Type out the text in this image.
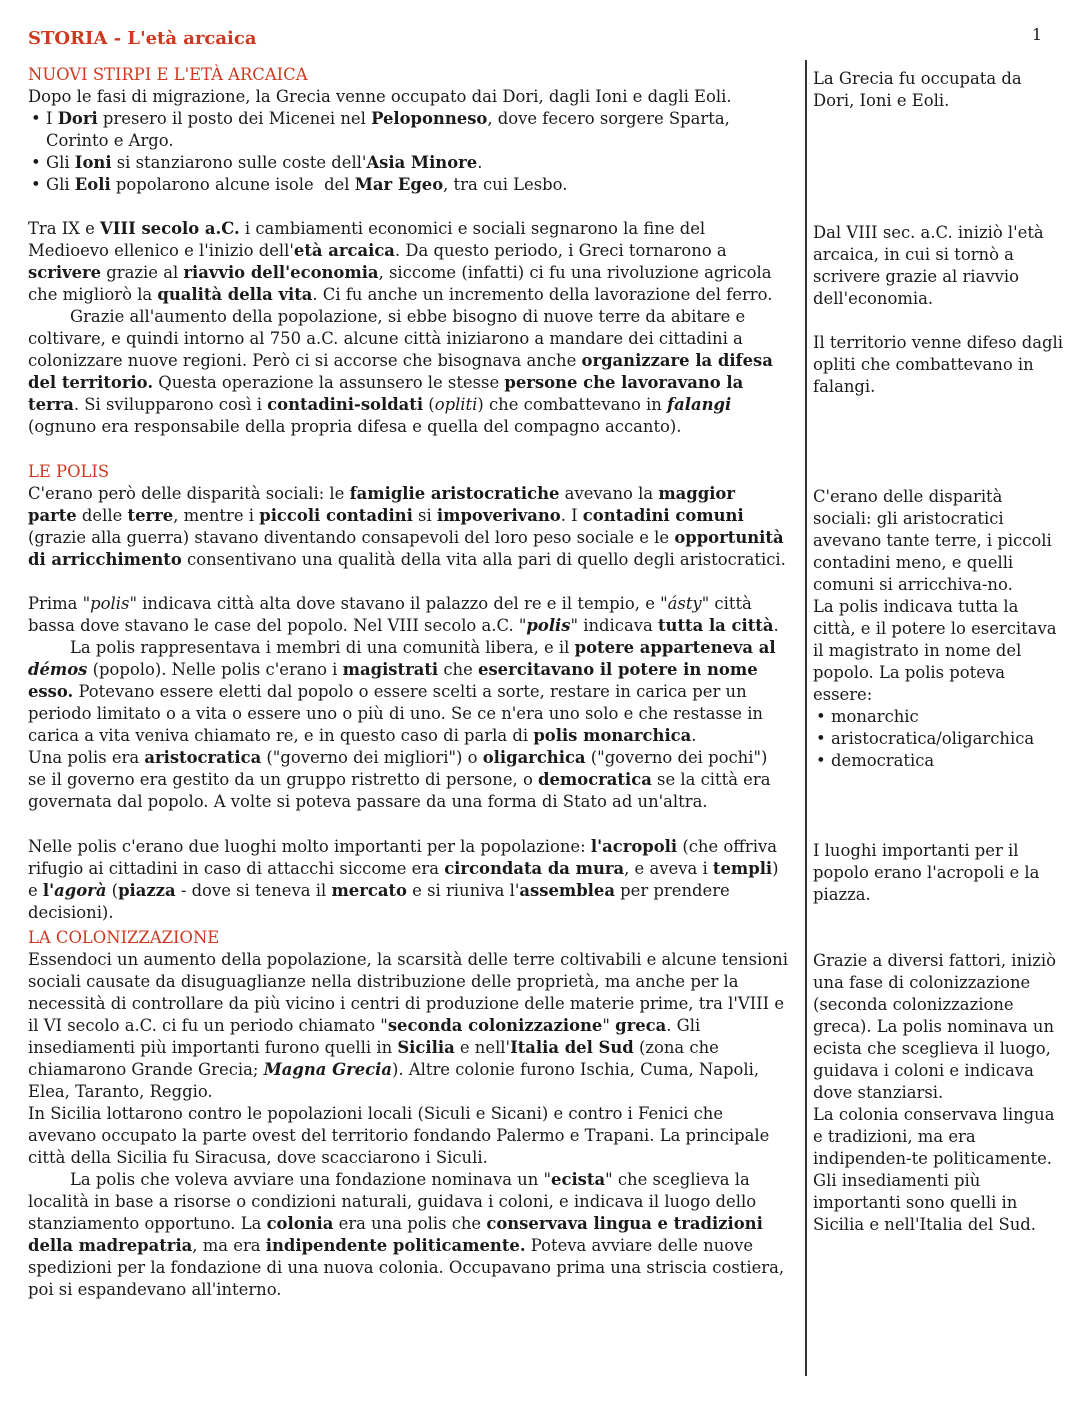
1
STORIA - L'età arcaica
NUOVI STIRPI E L'ETÀ ARCAICA

Dopo le fasi di migrazione, la Grecia venne occupato dai Dori, dagli Ioni e dagli Eoli.

• I Dori presero il posto dei Micenei nel Peloponneso, dove fecero sorgere Sparta, Corinto e Argo.
• Gli Ioni si stanziarono sulle coste dell'Asia Minore.
• Gli Eoli popolarono alcune isole  del Mar Egeo, tra cui Lesbo.

Tra IX e VIII secolo a.C. i cambiamenti economici e sociali segnarono la fine del Medioevo ellenico e l'inizio dell'età arcaica. Da questo periodo, i Greci tornarono a scrivere grazie al riavvio dell'economia, siccome (infatti) ci fu una rivoluzione agricola che migliorò la qualità della vita. Ci fu anche un incremento della lavorazione del ferro.

Grazie all'aumento della popolazione, si ebbe bisogno di nuove terre da abitare e coltivare, e quindi intorno al 750 a.C. alcune città iniziarono a mandare dei cittadini a colonizzare nuove regioni. Però ci si accorse che bisognava anche organizzare la difesa del territorio. Questa operazione la assunsero le stesse persone che lavoravano la terra. Si svilupparono così i contadini-soldati (opliti) che combattevano in falangi (ognuno era responsabile della propria difesa e quella del compagno accanto).

LE POLIS

C'erano però delle disparità sociali: le famiglie aristocratiche avevano la maggior parte delle terre, mentre i piccoli contadini si impoverivano. I contadini comuni (grazie alla guerra) stavano diventando consapevoli del loro peso sociale e le opportunità di arricchimento consentivano una qualità della vita alla pari di quello degli aristocratici.

Prima "polis" indicava città alta dove stavano il palazzo del re e il tempio, e "ásty" città bassa dove stavano le case del popolo. Nel VIII secolo a.C. "polis" indicava tutta la città.

La polis rappresentava i membri di una comunità libera, e il potere apparteneva al démos (popolo). Nelle polis c'erano i magistrati che esercitavano il potere in nome esso. Potevano essere eletti dal popolo o essere scelti a sorte, restare in carica per un periodo limitato o a vita o essere uno o più di uno. Se ce n'era uno solo e che restasse in carica a vita veniva chiamato re, e in questo caso di parla di polis monarchica.

Una polis era aristocratica ("governo dei migliori") o oligarchica ("governo dei pochi") se il governo era gestito da un gruppo ristretto di persone, o democratica se la città era governata dal popolo. A volte si poteva passare da una forma di Stato ad un'altra.

Nelle polis c'erano due luoghi molto importanti per la popolazione: l'acropoli (che offriva rifugio ai cittadini in caso di attacchi siccome era circondata da mura, e aveva i templi) e l'agorà (piazza - dove si teneva il mercato e si riuniva l'assemblea per prendere decisioni).

LA COLONIZZAZIONE

Essendoci un aumento della popolazione, la scarsità delle terre coltivabili e alcune tensioni sociali causate da disuguaglianze nella distribuzione delle proprietà, ma anche per la necessità di controllare da più vicino i centri di produzione delle materie prime, tra l'VIII e il VI secolo a.C. ci fu un periodo chiamato "seconda colonizzazione" greca. Gli insediamenti più importanti furono quelli in Sicilia e nell'Italia del Sud (zona che chiamarono Grande Grecia; Magna Grecia). Altre colonie furono Ischia, Cuma, Napoli, Elea, Taranto, Reggio.

In Sicilia lottarono contro le popolazioni locali (Siculi e Sicani) e contro i Fenici che avevano occupato la parte ovest del territorio fondando Palermo e Trapani. La principale città della Sicilia fu Siracusa, dove scacciarono i Siculi.

La polis che voleva avviare una fondazione nominava un "ecista" che sceglieva la località in base a risorse o condizioni naturali, guidava i coloni, e indicava il luogo dello stanziamento opportuno. La colonia era una polis che conservava lingua e tradizioni della madrepatria, ma era indipendente politicamente. Poteva avviare delle nuove spedizioni per la fondazione di una nuova colonia. Occupavano prima una striscia costiera, poi si espandevano all'interno.

La Grecia fu occupata da Dori, Ioni e Eoli.

Dal VIII sec. a.C. iniziò l'età arcaica, in cui si tornò a scrivere grazie al riavvio dell'economia.

Il territorio venne difeso dagli opliti che combattevano in falangi.

C'erano delle disparità sociali: gli aristocratici avevano tante terre, i piccoli contadini meno, e quelli comuni si arricchiva-no.

La polis indicava tutta la città, e il potere lo esercitava il magistrato in nome del popolo. La polis poteva essere:

• monarchic
• aristocratica/oligarchica
• democratica
I luoghi importanti per il popolo erano l'acropoli e la piazza.

Grazie a diversi fattori, iniziò una fase di colonizzazione (seconda colonizzazione greca). La polis nominava un ecista che sceglieva il luogo, guidava i coloni e indicava dove stanziarsi.

La colonia conservava lingua e tradizioni, ma era indipenden-te politicamente.

Gli insediamenti più importanti sono quelli in Sicilia e nell'Italia del Sud.
